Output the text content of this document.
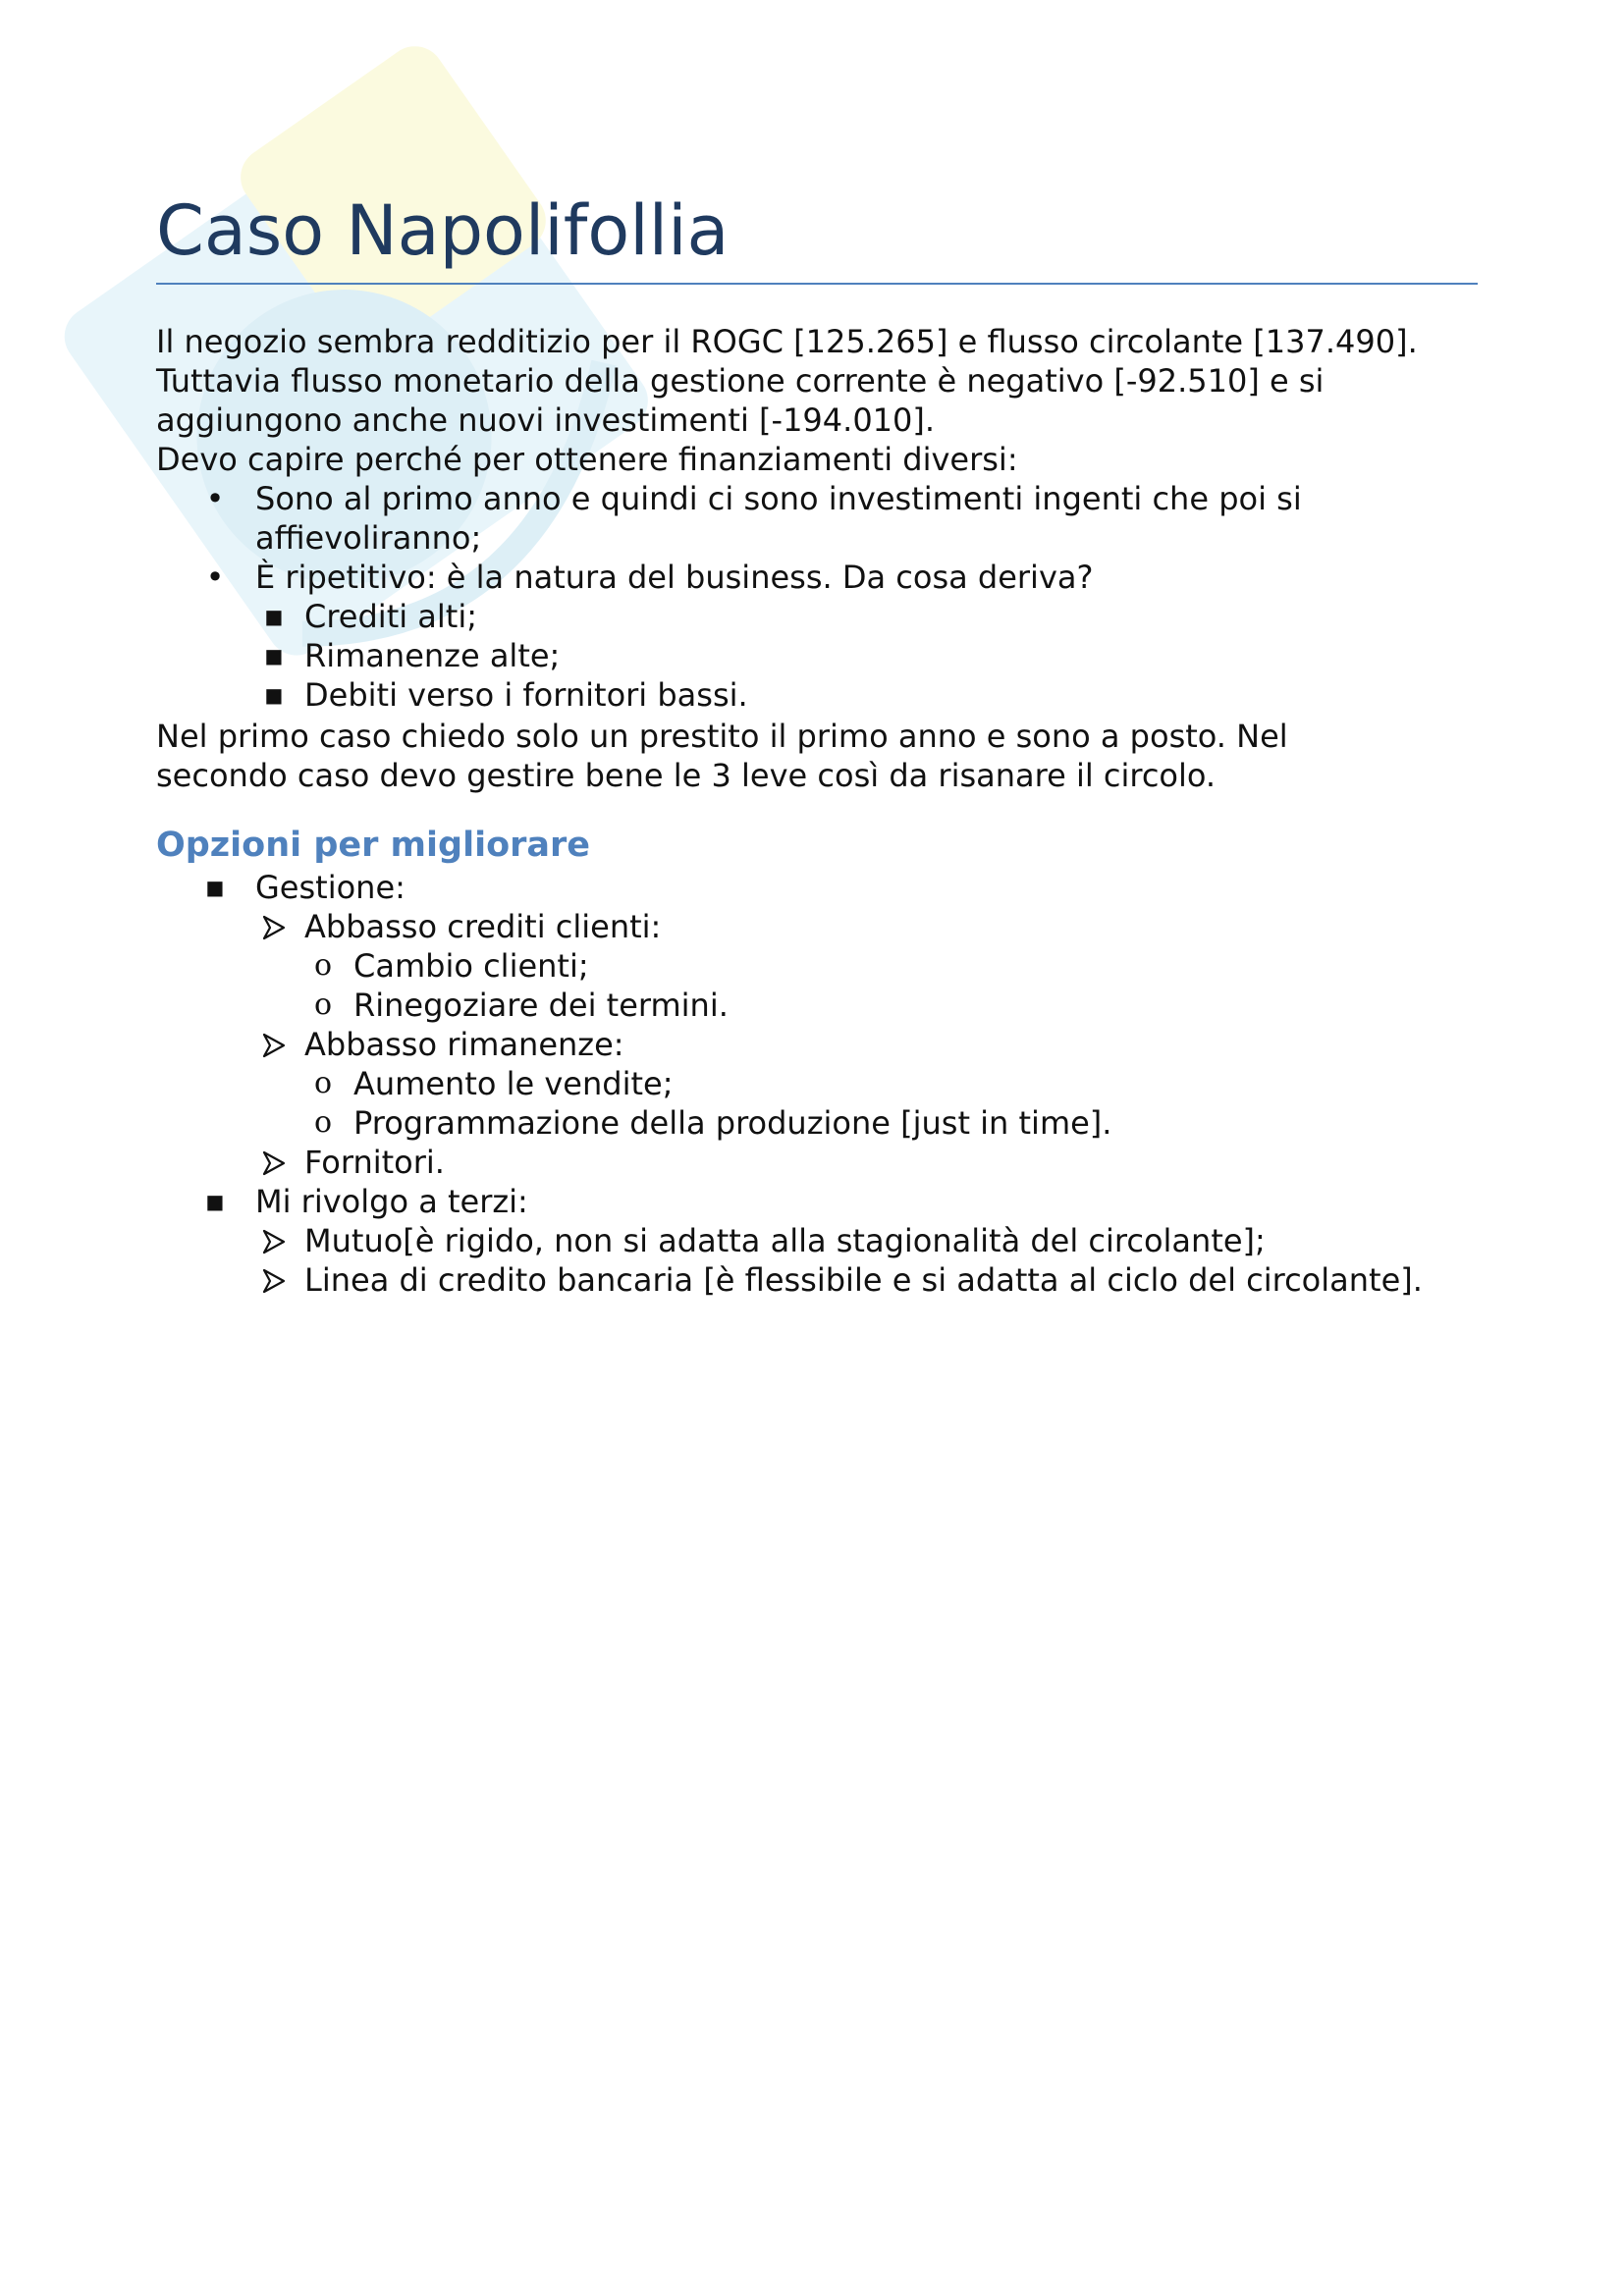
Caso Napolifollia

Il negozio sembra redditizio per il ROGC [125.265] e flusso circolante [137.490].

Tuttavia flusso monetario della gestione corrente è negativo [-92.510] e si

aggiungono anche nuovi investimenti [-194.010].

Devo capire perché per ottenere finanziamenti diversi:

• Sono al primo anno e quindi ci sono investimenti ingenti che poi si
affievoliranno;
• È ripetitivo: è la natura del business. Da cosa deriva?
■ Crediti alti;
■ Rimanenze alte;
■ Debiti verso i fornitori bassi.

Nel primo caso chiedo solo un prestito il primo anno e sono a posto. Nel

secondo caso devo gestire bene le 3 leve così da risanare il circolo.

Opzioni per migliorare
■ Gestione:
Abbasso crediti clienti:
o Cambio clienti;
o Rinegoziare dei termini.
Abbasso rimanenze:
o Aumento le vendite;
o Programmazione della produzione [just in time].
Fornitori.
■ Mi rivolgo a terzi:
Mutuo[è rigido, non si adatta alla stagionalità del circolante];
Linea di credito bancaria [è flessibile e si adatta al ciclo del circolante].
